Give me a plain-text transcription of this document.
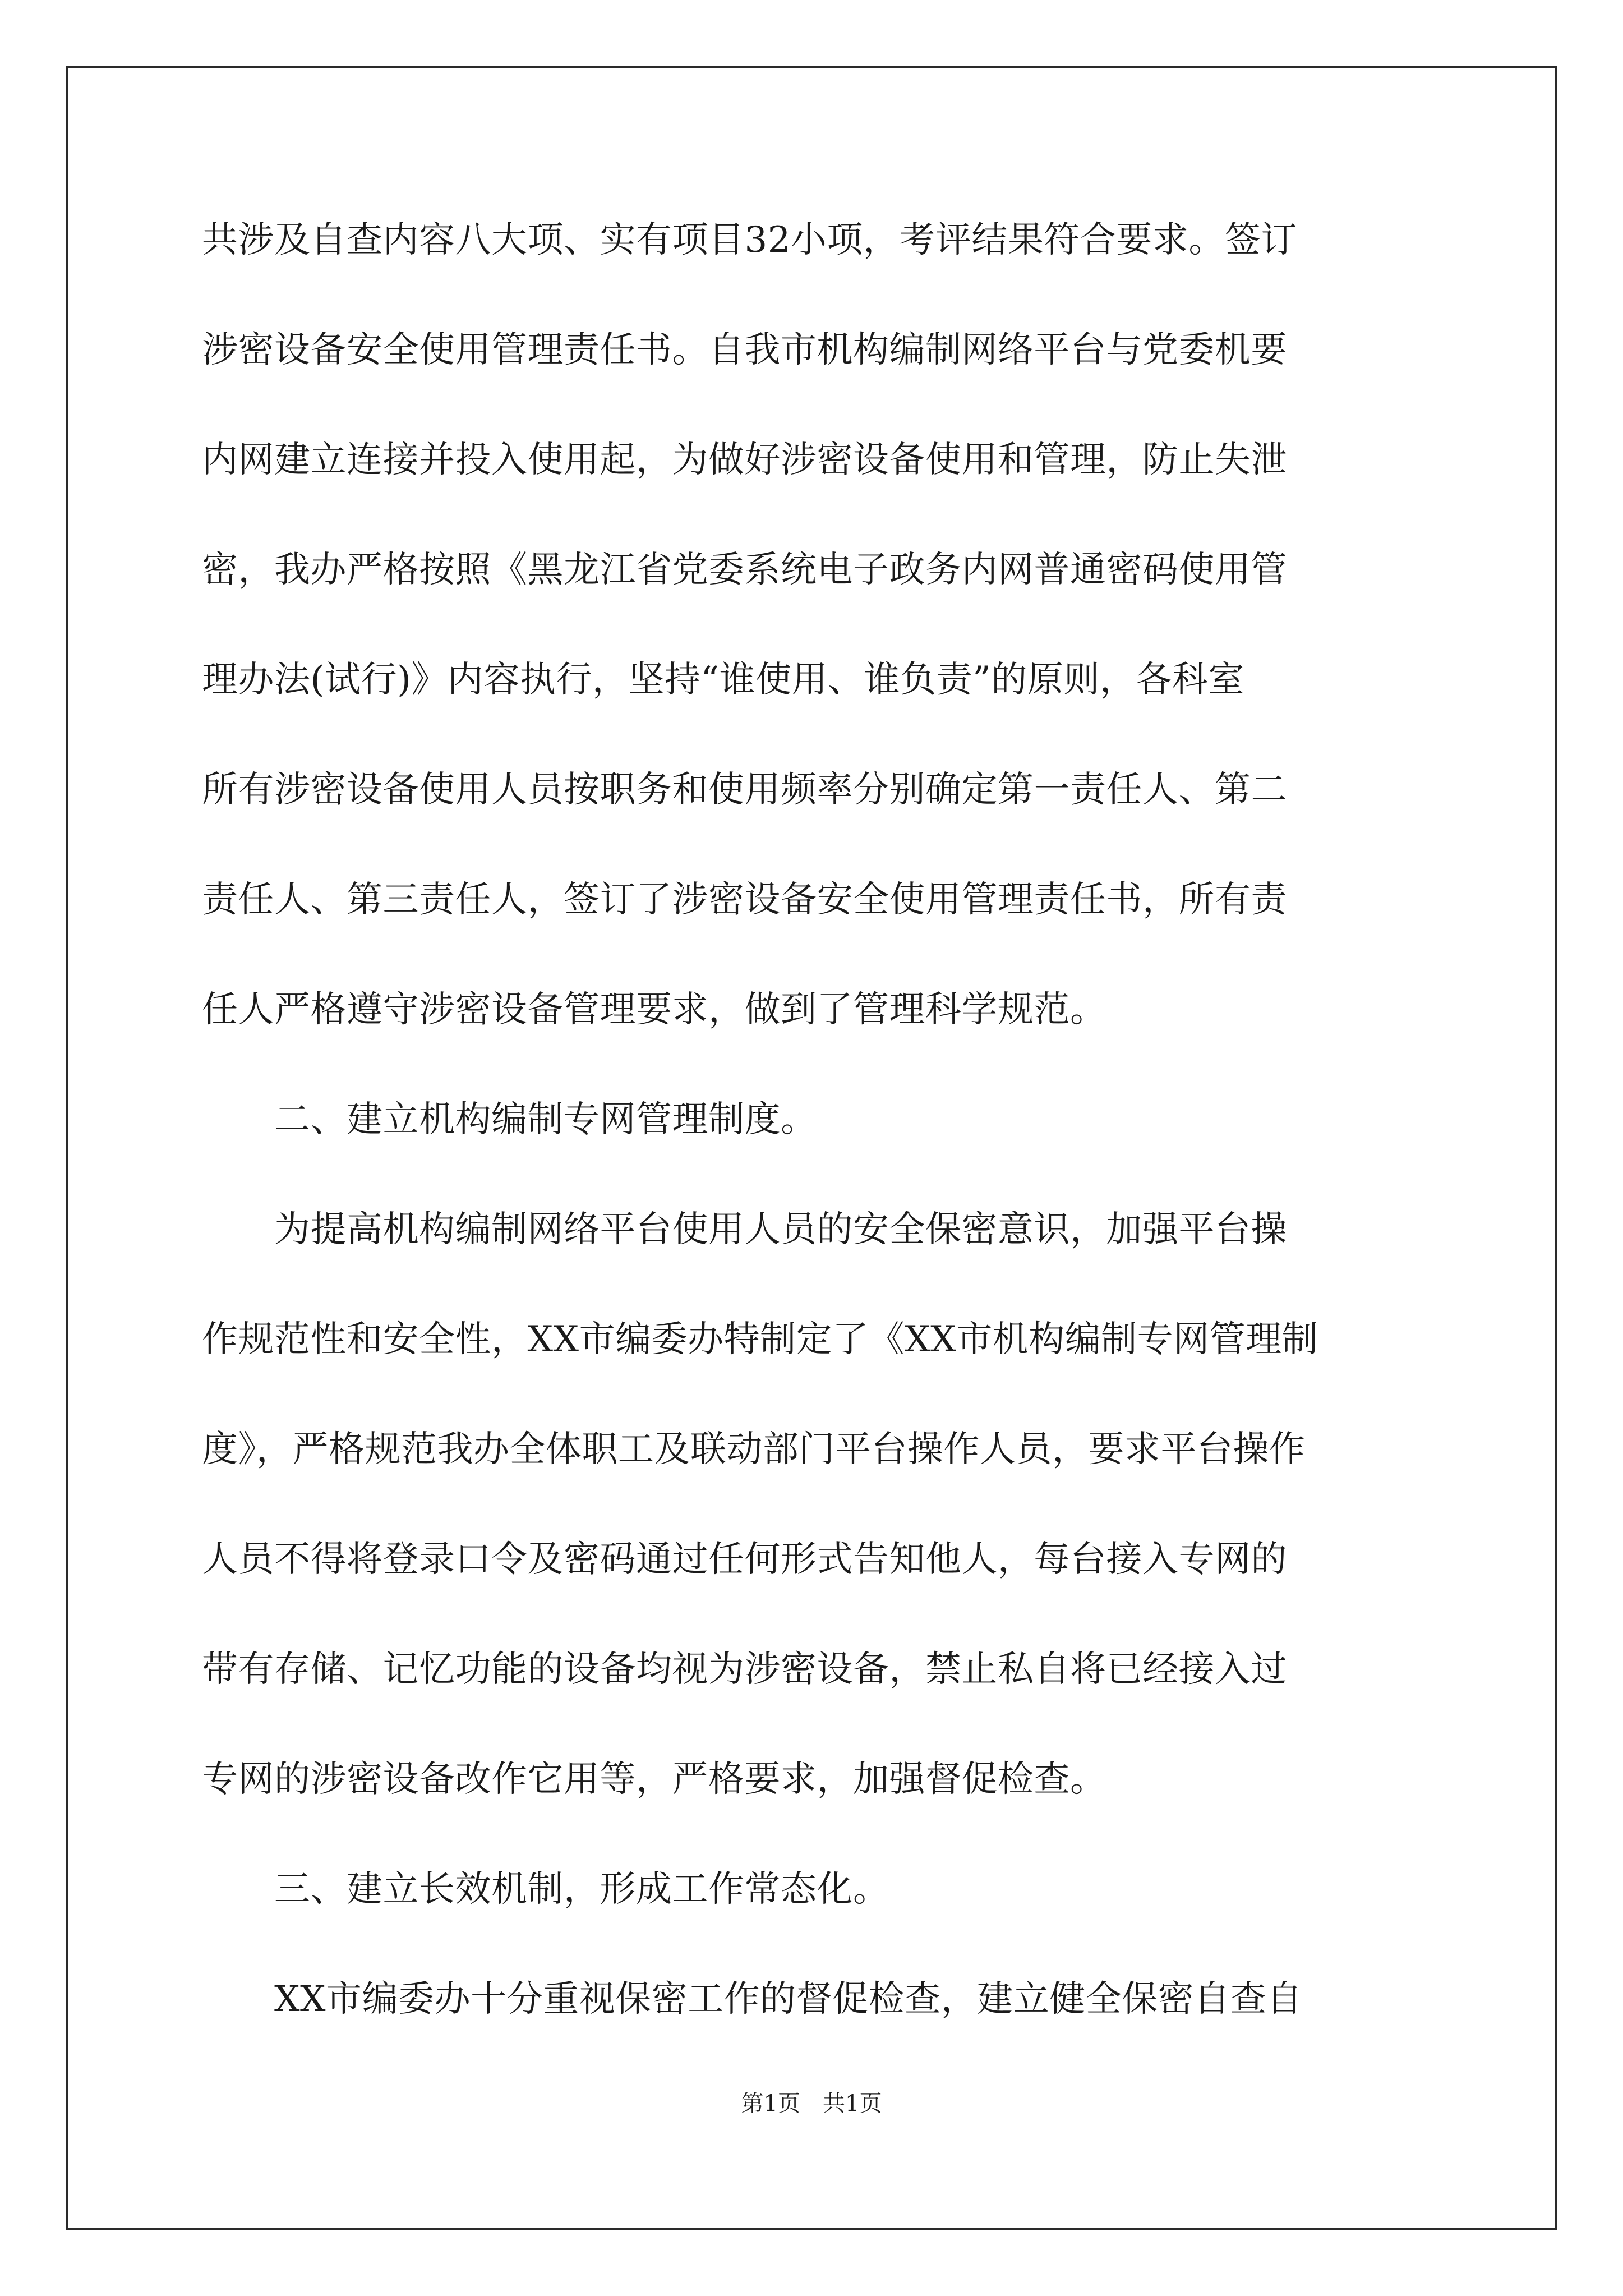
共涉及自查内容八大项、实有项目32小项，考评结果符合要求。签订
涉密设备安全使用管理责任书。自我市机构编制网络平台与党委机要
内网建立连接并投入使用起，为做好涉密设备使用和管理，防止失泄
密，我办严格按照《黑龙江省党委系统电子政务内网普通密码使用管
理办法(试行)》内容执行，坚持“谁使用、谁负责”的原则，各科室
所有涉密设备使用人员按职务和使用频率分别确定第一责任人、第二
责任人、第三责任人，签订了涉密设备安全使用管理责任书，所有责
任人严格遵守涉密设备管理要求，做到了管理科学规范。
　　二、建立机构编制专网管理制度。
　　为提高机构编制网络平台使用人员的安全保密意识，加强平台操
作规范性和安全性，XX市编委办特制定了《XX市机构编制专网管理制
度》，严格规范我办全体职工及联动部门平台操作人员，要求平台操作
人员不得将登录口令及密码通过任何形式告知他人，每台接入专网的
带有存储、记忆功能的设备均视为涉密设备，禁止私自将已经接入过
专网的涉密设备改作它用等，严格要求，加强督促检查。
　　三、建立长效机制，形成工作常态化。
　　XX市编委办十分重视保密工作的督促检查，建立健全保密自查自
第1页　共1页
